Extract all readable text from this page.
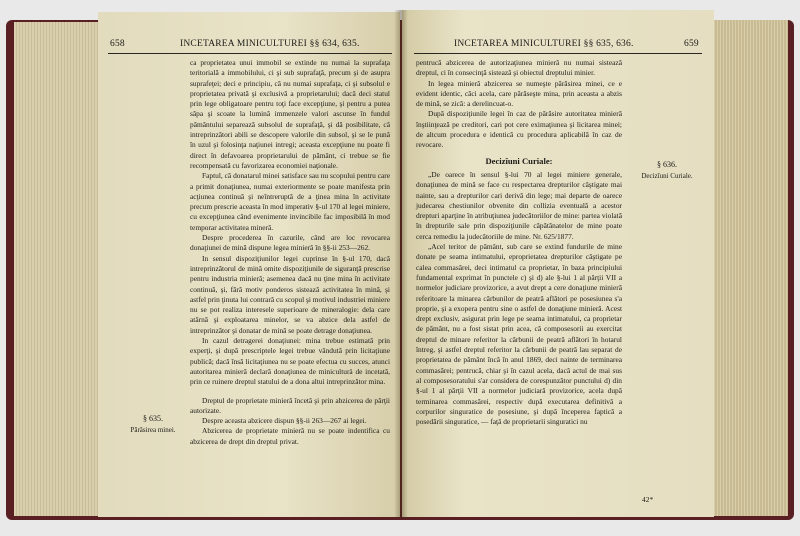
658	INCETAREA MINICULTUREI §§ 634, 635.

ca proprietatea unui immobil se extinde nu numai la suprafaţa teritorială a immobilului, ci şi sub suprafaţă, precum şi de asupra suprafeţei; deci e principiu, că nu numai suprafaţa, ci şi subsolul e proprietatea privată şi exclusivă a proprietarului; dacă deci statul prin lege obligatoare pentru toţi face excepţiune, şi pentru a putea săpa şi scoate la lumină immenzele valori ascunse în fundul pământului separează subsolul de suprafaţă, şi dă posibilitate, că intreprinzători abili se descopere valorile din subsol, şi se le pună în uzul şi folosinţa naţiunei intregi; aceasta excepţiune nu poate fi direct în defavoarea proprietarului de pământ, ci trebue se fie recompensată cu favorizarea economiei naţionale.

Faptul, că donatarul minei satisface sau nu scopului pentru care a primit donaţiunea, numai exteriormente se poate manifesta prin acţiunea continuă şi neîntreruptă de a ţinea mina în activitate precum prescrie aceasta în mod imperativ §-ul 170 al legei miniere, cu excepţiunea când evenimente invincibile fac imposibilă în mod temporar activitatea mineră.

Despre procederea în cazurile, când are loc revocarea donaţiunei de mină dispune legea minieră în §§-ii 253—262.

In sensul dispoziţiunilor legei cuprinse în §-ul 170, dacă intreprinzătorul de mină omite dispoziţiunile de siguranţă prescrise pentru industria minieră; asemenea dacă nu ţine mina în activitate continuă, şi, fără motiv ponderos sistează activitatea în mină, şi astfel prin ţinuta lui contrară cu scopul şi motivul industriei miniere nu se pot realiza interesele superioare de mineralogie: dela care atârnă şi exploatarea minelor, se va abzice dela astfel de intreprinzător şi donatar de mină se poate detrage donaţiunea.

In cazul detragerei donaţiunei: mina trebue estimată prin experţi, şi după prescriptele legei trebue vândută prin licitaţiune publică; dacă însă licitaţiunea nu se poate efectua cu succes, atunci autoritarea minieră declară donaţiunea de miniculturä de incetată, prin ce ruinere dreptul statului de a dona altui intreprinzător mina.

Dreptul de proprietate minieră încetă şi prin abzicerea de părţii autorizate.

Despre aceasta abzicere dispun §§-ii 263—267 ai legei.

Abzicerea de proprietate minieră nu se poate indentifica cu abzicerea de drept din dreptul privat.

§ 635.
Părăsirea minei.
INCETAREA MINICULTUREI §§ 635, 636.	659

pentrucă abzicerea de autorizaţiunea minieră nu numai sistează dreptul, ci în consecinţă sistează şi obiectul dreptului minier.

In legea minieră abzicerea se numeşte părăsirea minei, ce e evident identic, căci acela, care părăseşte mina, prin aceasta a abzis de mină, se zică: a derelincuat-o.

După dispoziţiunile legei în caz de părăsire autoritatea minieră înştiinţează pe creditori, cari pot cere eximaţiunea şi licitarea minei; de altcum procedura e identică cu procedura aplicabilă în caz de revocare.

Decizîuni Curiale:

„De oarece în sensul §-lui 70 al legei miniere generale, donaţiunea de mină se face cu respectarea drepturilor câştigate mai nainte, sau a drepturilor cari derivă din lege; mai departe de oarece judecarea chestiunilor obvenite din collizia eventuală a acestor drepturi aparţine în atribuţiunea judecătoriilor de mine: partea violată în drepturile sale prin dispoziţiunile căpătănatelor de mine poate cerca remediu la judecătoriile de mine. Nr. 625/1877.

„Acel teritor de pământ, sub care se extind fundurile de mine donate pe seama intimatului, eproprietatea drepturilor câştigate pe calea commasărei, deci intimatul ca proprietar, în baza principiului fundamental exprimat în punctele c) şi d) ale §-lui 1 al părţii VII a normelor judiciare provizorice, a avut drept a cere donaţiune minieră referitoare la minarea cărbunilor de peatră aflători pe posesiunea s'a proprie, şi a exopera pentru sine o astfel de donaţiune minieră. Acest drept exclusiv, asigurat prin lege pe seama intimatului, ca proprietar de pământ, nu a fost sistat prin acea, că composesorii au exercitat dreptul de minare referitor la cărbunii de peatră aflători în hotarul întreg, şi astfel dreptul referitor la cărbunii de peatră lau separat de proprietatea de pământ încă în anul 1869, deci nainte de terminarea commasărei; pentrucă, chiar şi în cazul acela, dacă actul de mai sus al composesoratului s'ar considera de corespunzător punctului d) din §-ul 1 al părţii VII a normelor judiciară provizorice, acela după terminarea commasărei, respectiv după executarea definitivă a corpurilor singuratice de posesiune, şi după începerea faptică a posedării singuratice, — faţă de proprietarii singuratici nu

§ 636.
Decizîuni Curiale.
42*
